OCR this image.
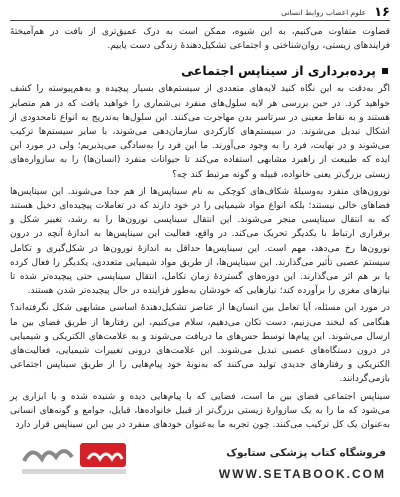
۱۶
علوم اعصاب روابط انسانی

قضاوت متفاوت می‌کنیم، به این شیوه، ممکن است به درک عمیق‌تری از بافت در هم‌آمیختهٔ فرایندهای زیستی، روان‌شناختی و اجتماعی تشکیل‌دهندهٔ زندگی دست یابیم.

پرده‌برداری از سیناپس اجتماعی

اگر به‌دقت به این نگاه کنید لایه‌های متعددی از سیستم‌های بسیار پیچیده و به‌هم‌پیوسته را کشف خواهید کرد. در حین بررسی هر لایه سلول‌های منفرد بی‌شماری را خواهید یافت که در هم متصایز هستند و به نقاط معینی در سرتاسر بدن مهاجرت می‌کنند. این سلول‌ها به‌تدریج به انواع تامحدودی از اشکال تبدیل می‌شوند. در سیستم‌های کارکردی سازمان‌دهی می‌شوند، با سایر سیستم‌ها ترکیب می‌شوند و در نهایت، فرد را به وجود می‌آورند. ما این فرد را به‌سادگی می‌پذیریم؛ ولی در مورد این ایده که طبیعت از راهبرد مشابهی استفاده می‌کند تا حیوانات منفرد (انسان‌ها) را به سازواره‌های زیستی بزرگ‌تر یعنی خانواده، قبیله و گونه مرتبط کند چه؟

نورون‌های منفرد به‌وسیلهٔ شکاف‌های کوچکی به نام سیناپس‌ها از هم جدا می‌شوند. این سیناپس‌ها فضاهای خالی نیستند؛ بلکه انواع مواد شیمیایی را در خود دارند که در تعاملات پیچیده‌ای دخیل هستند که به انتقال سیناپسی منجر می‌شوند. این انتقال سیناپسی نورون‌ها را به رشد، تغییر شکل و برقراری ارتباط با یکدیگر تحریک می‌کند. در واقع، فعالیت این سیناپس‌ها به اندازهٔ آنچه در درون نورون‌ها رخ می‌دهد، مهم است. این سیناپس‌ها حداقل به اندازهٔ نورون‌ها در شکل‌گیری و تکامل سیستم عصبی تأثیر می‌گذارند. این سیناپس‌ها، از طریق مواد شیمیایی متعددی، یکدیگر را فعال کرده یا بر هم اثر می‌گذارند. این دوره‌های گستردهٔ زمان تکامل، انتقال سیناپسی حتی پیچیده‌تر شده تا نیازهای مغزی را برآورده کند؛ نیازهایی که خودشان به‌طور فزاینده در حال پیچیده‌تر شدن هستند.

در مورد این مسئله، آیا تعامل بین انسان‌ها از عناصر تشکیل‌دهندهٔ اساسی مشابهی شکل نگرفته‌اند؟ هنگامی که لبخند می‌زنیم، دست تکان می‌دهیم، سلام می‌کنیم، این رفتارها از طریق فضای بین ما ارسال می‌شوند. این پیام‌ها توسط حس‌های ما دریافت می‌شوند و به علامت‌های الکتریکی و شیمیایی در درون دستگاه‌های عصبی تبدیل می‌شوند. این علامت‌های درونی تغییرات شیمیایی، فعالیت‌های الکتریکی و رفتارهای جدیدی تولید می‌کنند که به‌نوبهٔ خود پیام‌هایی را از طریق سیناپس اجتماعی بازمی‌گردانند.

سیناپس اجتماعی فضای بین ما است، فضایی که با پیام‌هایی دیده و شنیده شده و یا ابزاری پر می‌شود که ما را به یک سازوارهٔ زیستی بزرگ‌تر از قبیل خانواده‌ها، قبایل، جوامع و گونه‌های انسانی به‌عنوان یک کل ترکیب می‌کنند. چون تجربه ما به‌عنوان خودهای منفرد در بین این سیناپس قرار دارد

فروشگاه کتاب پزشکی ستابوک
WWW.SETABOOK.COM
